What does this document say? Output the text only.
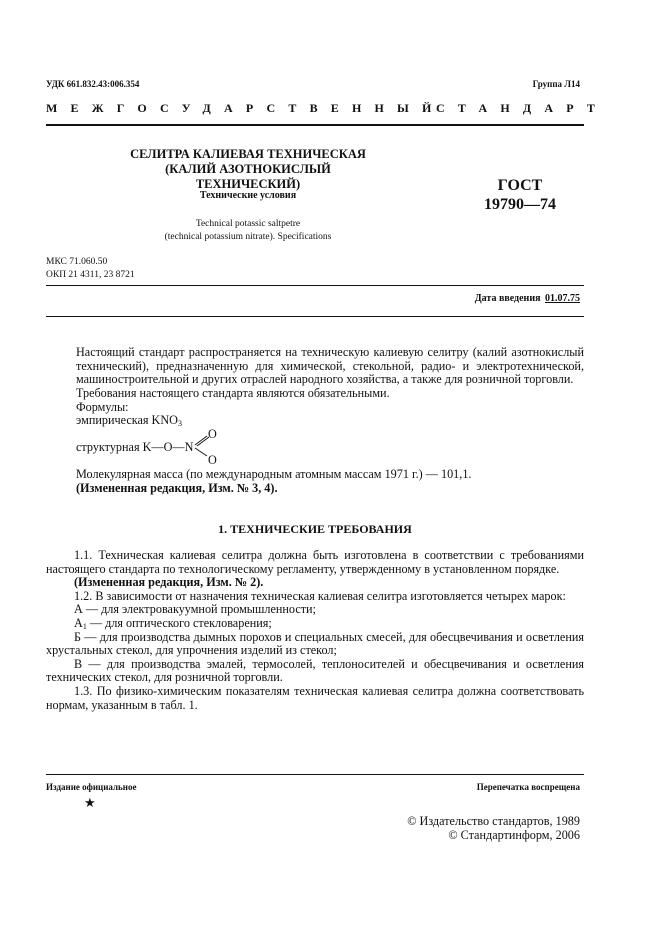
УДК 661.832.43:006.354	Группа Л14
МЕЖГОСУДАРСТВЕННЫЙ
СТАНДАРТ
СЕЛИТРА КАЛИЕВАЯ ТЕХНИЧЕСКАЯ
(КАЛИЙ АЗОТНОКИСЛЫЙ ТЕХНИЧЕСКИЙ)
Технические условия
Technical potassic saltpetre
(technical potassium nitrate). Specifications
ГОСТ
19790—74
МКС 71.060.50
ОКП 21 4311, 23 8721
Дата введения 01.07.75
Настоящий стандарт распространяется на техническую калиевую селитру (калий азотнокислый технический), предназначенную для химической, стекольной, радио- и электротехнической, машиностроительной и других отраслей народного хозяйства, а также для розничной торговли.
Требования настоящего стандарта являются обязательными.
Формулы:
эмпирическая $KNO_3$
структурная K—O—N
O
O
Молекулярная масса (по международным атомным массам 1971 г.) — 101,1.
(Измененная редакция, Изм. № 3, 4).
1. ТЕХНИЧЕСКИЕ ТРЕБОВАНИЯ
1.1. Техническая калиевая селитра должна быть изготовлена в соответствии с требованиями настоящего стандарта по технологическому регламенту, утвержденному в установленном порядке.
(Измененная редакция, Изм. № 2).
1.2. В зависимости от назначения техническая калиевая селитра изготовляется четырех марок:
А — для электровакуумной промышленности;
$А_1$ — для оптического стекловарения;
Б — для производства дымных порохов и специальных смесей, для обесцвечивания и осветления хрустальных стекол, для упрочнения изделий из стекол;
В — для производства эмалей, термосолей, теплоносителей и обесцвечивания и осветления технических стекол, для розничной торговли.
1.3. По физико-химическим показателям техническая калиевая селитра должна соответствовать нормам, указанным в табл. 1.
Издание официальное	Перепечатка воспрещена
★
© Издательство стандартов, 1989
© Стандартинформ, 2006
